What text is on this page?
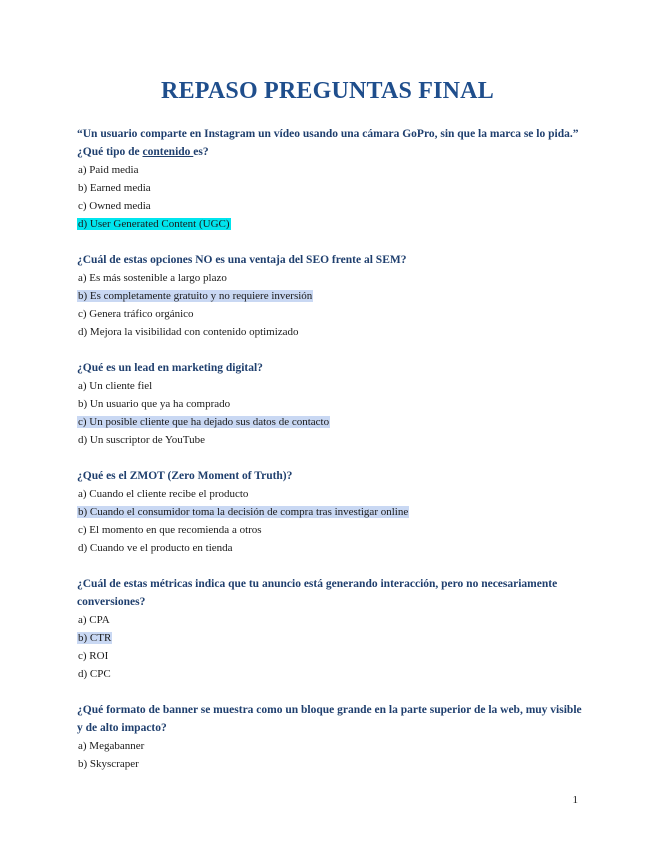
REPASO PREGUNTAS FINAL
“Un usuario comparte en Instagram un vídeo usando una cámara GoPro, sin que la marca se lo pida.”
¿Qué tipo de contenido es?
a) Paid media
b) Earned media
c) Owned media
d) User Generated Content (UGC)
¿Cuál de estas opciones NO es una ventaja del SEO frente al SEM?
a) Es más sostenible a largo plazo
b) Es completamente gratuito y no requiere inversión
c) Genera tráfico orgánico
d) Mejora la visibilidad con contenido optimizado
¿Qué es un lead en marketing digital?
a) Un cliente fiel
b) Un usuario que ya ha comprado
c) Un posible cliente que ha dejado sus datos de contacto
d) Un suscriptor de YouTube
¿Qué es el ZMOT (Zero Moment of Truth)?
a) Cuando el cliente recibe el producto
b) Cuando el consumidor toma la decisión de compra tras investigar online
c) El momento en que recomienda a otros
d) Cuando ve el producto en tienda
¿Cuál de estas métricas indica que tu anuncio está generando interacción, pero no necesariamente
conversiones?
a) CPA
b) CTR
c) ROI
d) CPC
¿Qué formato de banner se muestra como un bloque grande en la parte superior de la web, muy visible
y de alto impacto?
a) Megabanner
b) Skyscraper
1
